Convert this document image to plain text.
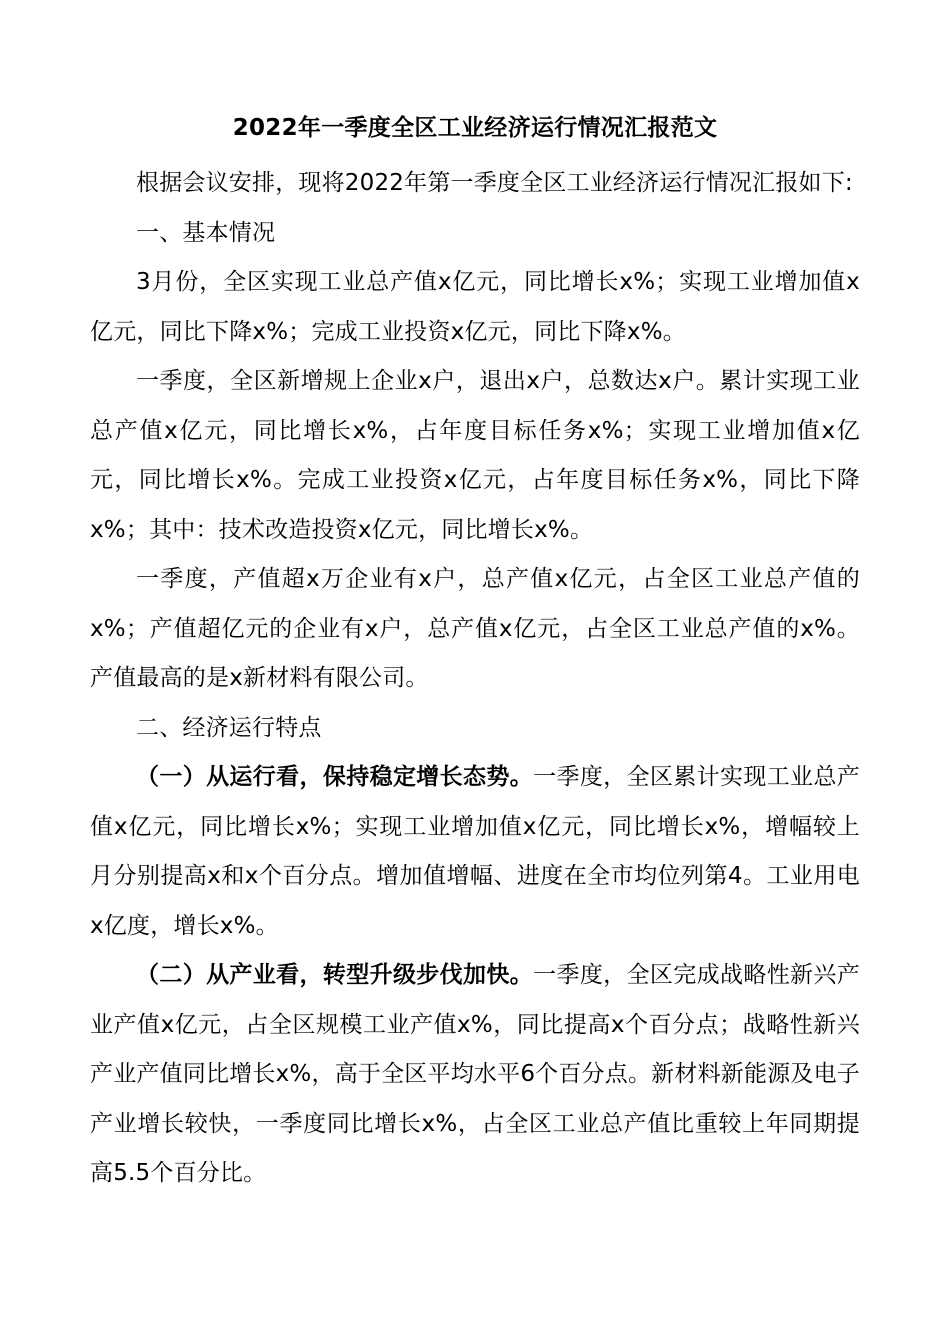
2022年一季度全区工业经济运行情况汇报范文

根据会议安排，现将2022年第一季度全区工业经济运行情况汇报如下:

一、基本情况

3月份，全区实现工业总产值x亿元，同比增长x%；实现工业增加值x亿元，同比下降x%；完成工业投资x亿元，同比下降x%。

一季度，全区新增规上企业x户，退出x户，总数达x户。累计实现工业总产值x亿元，同比增长x%，占年度目标任务x%；实现工业增加值x亿元，同比增长x%。完成工业投资x亿元，占年度目标任务x%，同比下降x%；其中：技术改造投资x亿元，同比增长x%。

一季度，产值超x万企业有x户，总产值x亿元，占全区工业总产值的x%；产值超亿元的企业有x户，总产值x亿元，占全区工业总产值的x%。产值最高的是x新材料有限公司。

二、经济运行特点

（一）从运行看，保持稳定增长态势。一季度，全区累计实现工业总产值x亿元，同比增长x%；实现工业增加值x亿元，同比增长x%，增幅较上月分别提高x和x个百分点。增加值增幅、进度在全市均位列第4。工业用电x亿度，增长x%。

（二）从产业看，转型升级步伐加快。一季度，全区完成战略性新兴产业产值x亿元，占全区规模工业产值x%，同比提高x个百分点；战略性新兴产业产值同比增长x%，高于全区平均水平6个百分点。新材料新能源及电子产业增长较快，一季度同比增长x%，占全区工业总产值比重较上年同期提高5.5个百分比。
